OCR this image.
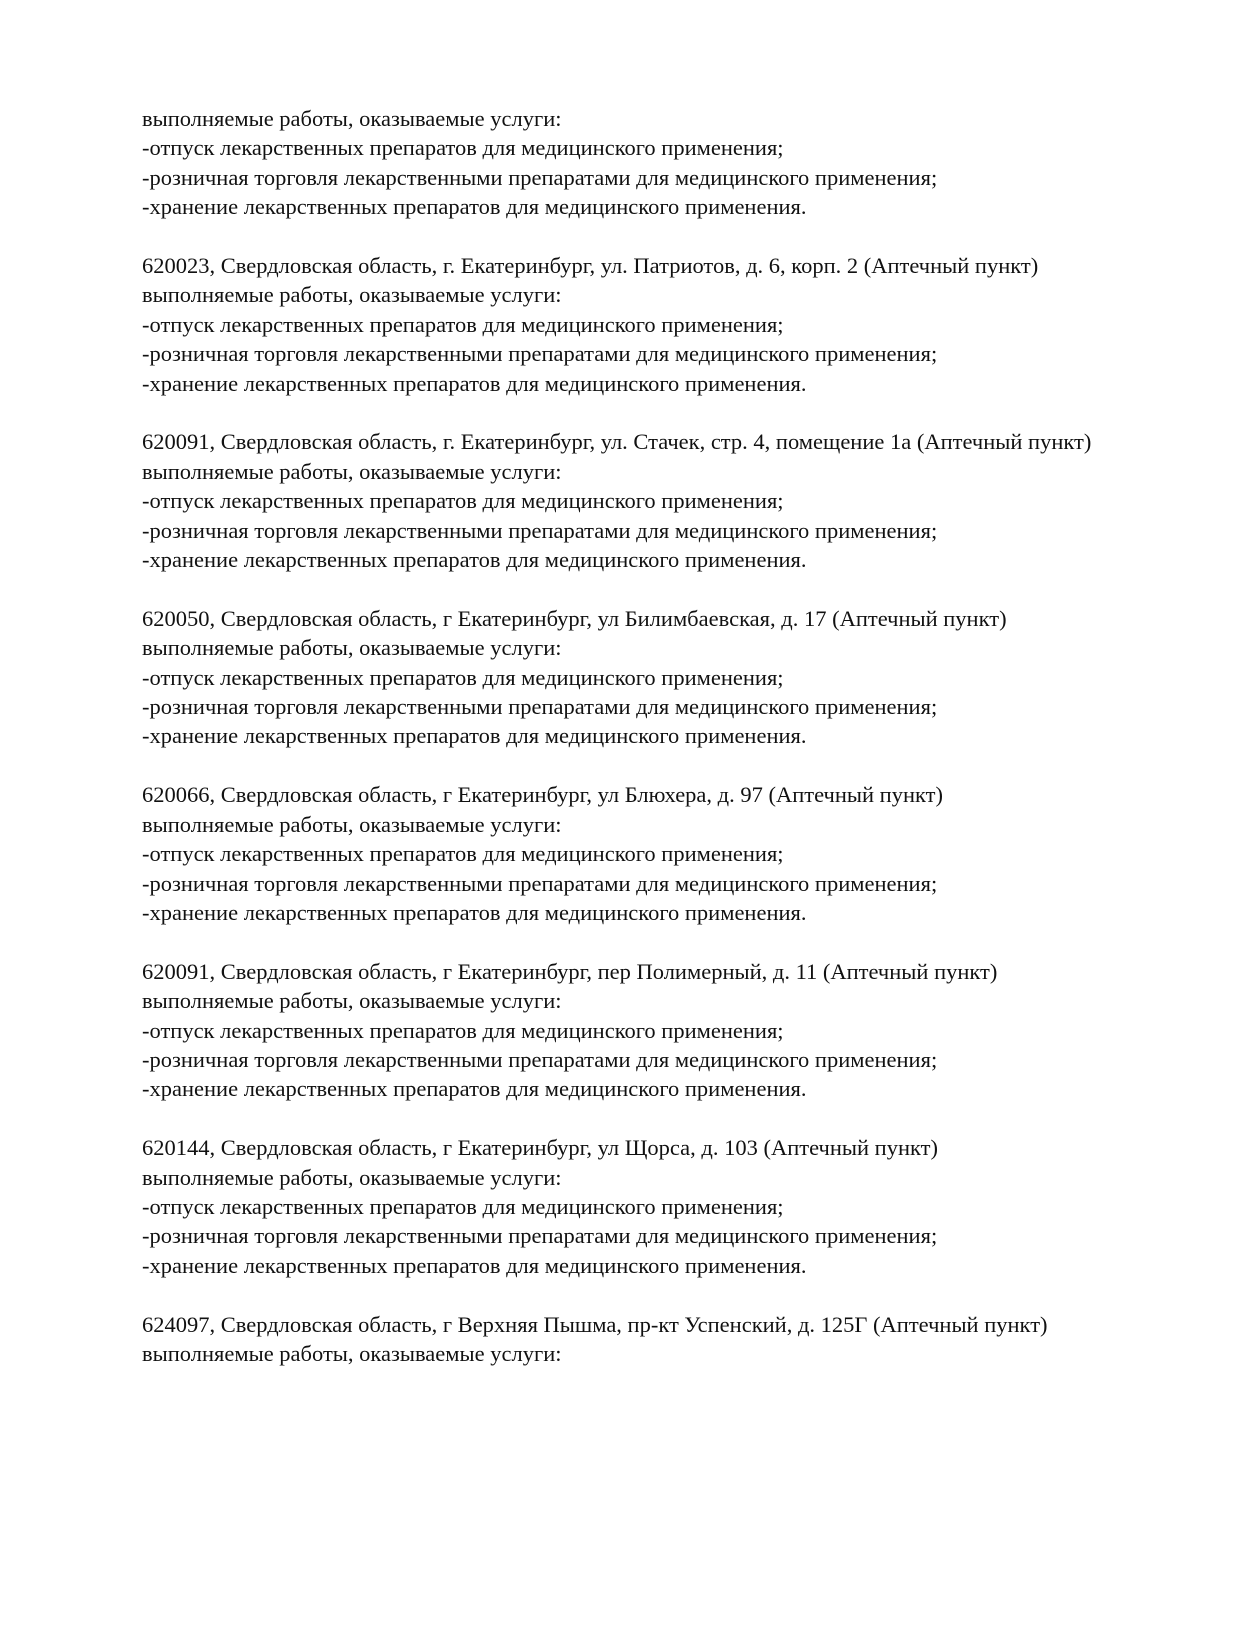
выполняемые работы, оказываемые услуги:
-отпуск лекарственных препаратов для медицинского применения;
-розничная торговля лекарственными препаратами для медицинского применения;
-хранение лекарственных препаратов для медицинского применения.
620023, Свердловская область, г. Екатеринбург, ул. Патриотов, д. 6, корп. 2 (Аптечный пункт)
выполняемые работы, оказываемые услуги:
-отпуск лекарственных препаратов для медицинского применения;
-розничная торговля лекарственными препаратами для медицинского применения;
-хранение лекарственных препаратов для медицинского применения.
620091, Свердловская область, г. Екатеринбург, ул. Стачек, стр. 4, помещение 1а (Аптечный пункт)
выполняемые работы, оказываемые услуги:
-отпуск лекарственных препаратов для медицинского применения;
-розничная торговля лекарственными препаратами для медицинского применения;
-хранение лекарственных препаратов для медицинского применения.
620050, Свердловская область, г Екатеринбург, ул Билимбаевская, д. 17 (Аптечный пункт)
выполняемые работы, оказываемые услуги:
-отпуск лекарственных препаратов для медицинского применения;
-розничная торговля лекарственными препаратами для медицинского применения;
-хранение лекарственных препаратов для медицинского применения.
620066, Свердловская область, г Екатеринбург, ул Блюхера, д. 97 (Аптечный пункт)
выполняемые работы, оказываемые услуги:
-отпуск лекарственных препаратов для медицинского применения;
-розничная торговля лекарственными препаратами для медицинского применения;
-хранение лекарственных препаратов для медицинского применения.
620091, Свердловская область, г Екатеринбург, пер Полимерный, д. 11 (Аптечный пункт)
выполняемые работы, оказываемые услуги:
-отпуск лекарственных препаратов для медицинского применения;
-розничная торговля лекарственными препаратами для медицинского применения;
-хранение лекарственных препаратов для медицинского применения.
620144, Свердловская область, г Екатеринбург, ул Щорса, д. 103 (Аптечный пункт)
выполняемые работы, оказываемые услуги:
-отпуск лекарственных препаратов для медицинского применения;
-розничная торговля лекарственными препаратами для медицинского применения;
-хранение лекарственных препаратов для медицинского применения.
624097, Свердловская область, г Верхняя Пышма, пр-кт Успенский, д. 125Г (Аптечный пункт)
выполняемые работы, оказываемые услуги:
